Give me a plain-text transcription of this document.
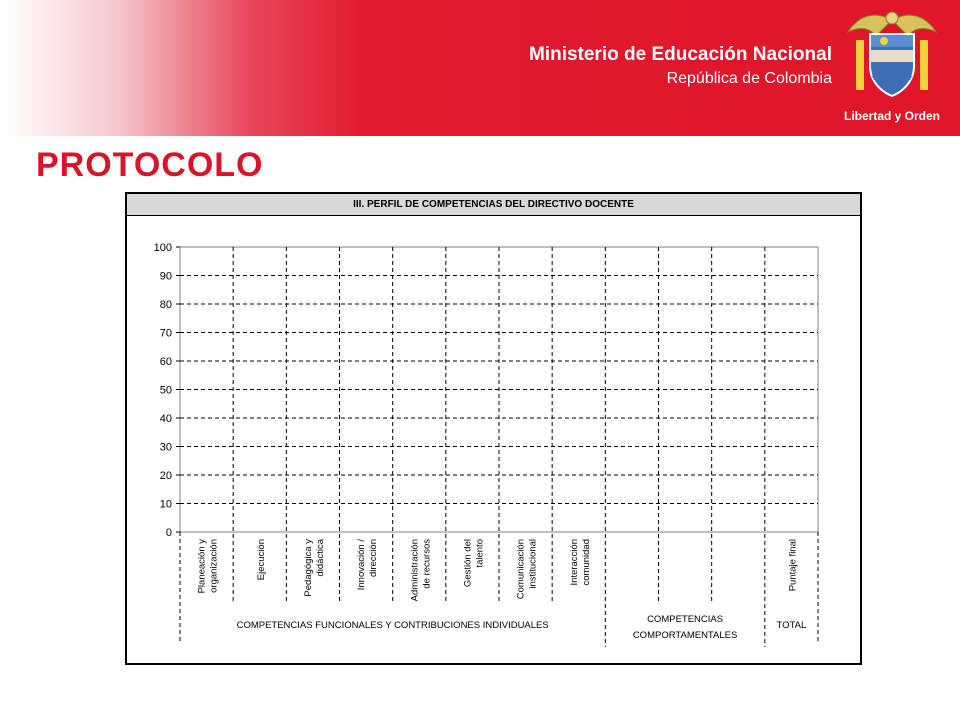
Ministerio de Educación Nacional
República de Colombia
Libertad y Orden
PROTOCOLO
III. PERFIL DE COMPETENCIAS DEL DIRECTIVO DOCENTE
0
10
20
30
40
50
60
70
80
90
100
Planeación y organización	Ejecución	Pedagógica y didáctica	Innovación / dirección	Administración de recursos	Gestión del talento	Comunicación institucional	Interacción comunidad	Puntaje final
COMPETENCIAS FUNCIONALES Y CONTRIBUCIONES INDIVIDUALES
COMPETENCIAS
COMPORTAMENTALES
TOTAL
